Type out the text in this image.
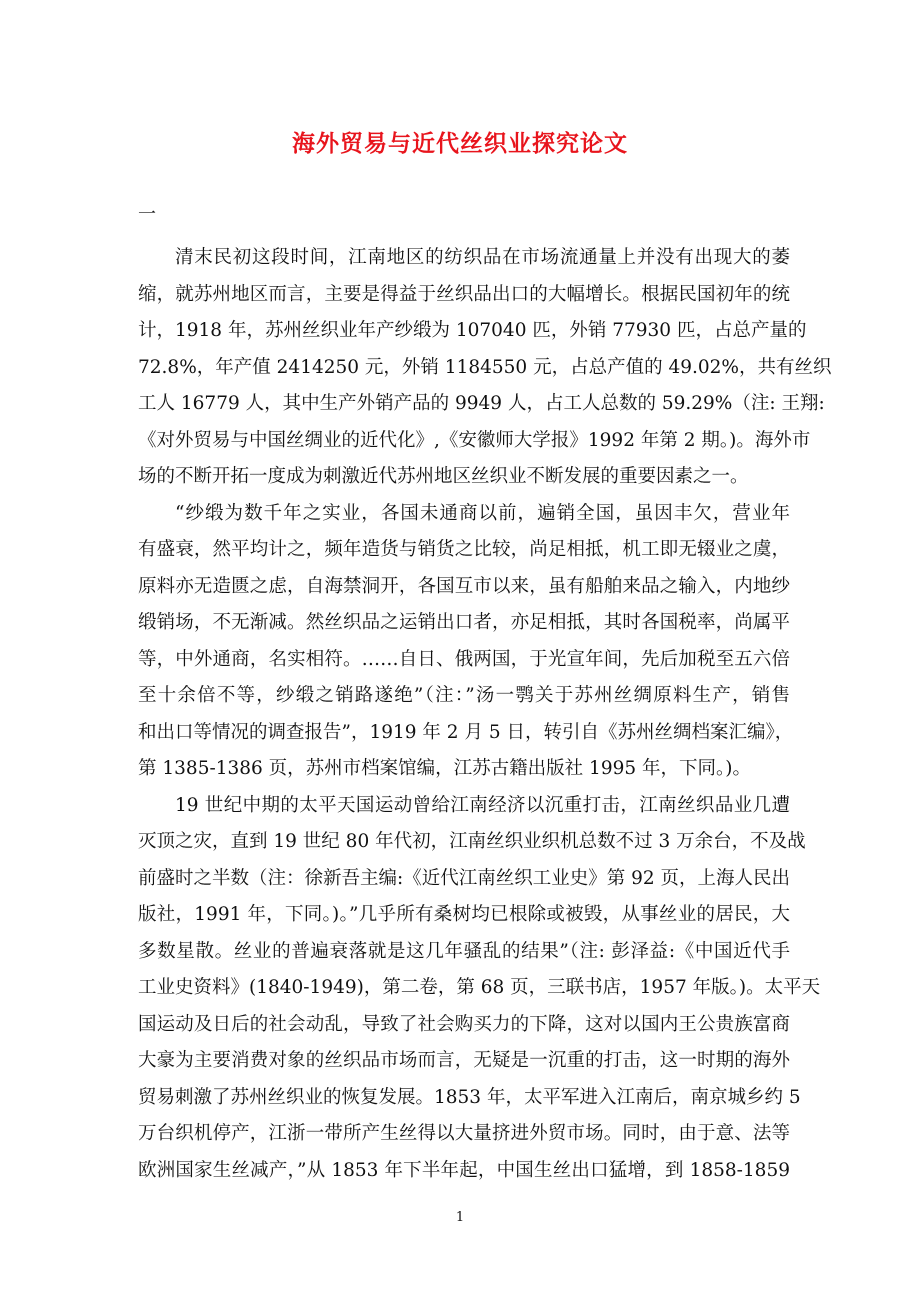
海外贸易与近代丝织业探究论文
一
清末民初这段时间，江南地区的纺织品在市场流通量上并没有出现大的萎
缩，就苏州地区而言，主要是得益于丝织品出口的大幅增长。根据民国初年的统
计，1918 年，苏州丝织业年产纱缎为 107040 匹，外销 77930 匹，占总产量的
72.8%，年产值 2414250 元，外销 1184550 元，占总产值的 49.02%，共有丝织
工人 16779 人，其中生产外销产品的 9949 人，占工人总数的 59.29%（注: 王翔:
《对外贸易与中国丝绸业的近代化》,《安徽师大学报》1992 年第 2 期。)。海外市
场的不断开拓一度成为刺激近代苏州地区丝织业不断发展的重要因素之一。
“纱缎为数千年之实业，各国未通商以前，遍销全国，虽因丰欠，营业年
有盛衰，然平均计之，频年造货与销货之比较，尚足相抵，机工即无辍业之虞，
原料亦无造匮之虑，自海禁洞开，各国互市以来，虽有船舶来品之输入，内地纱
缎销场，不无渐减。然丝织品之运销出口者，亦足相抵，其时各国税率，尚属平
等，中外通商，名实相符。……自日、俄两国，于光宣年间，先后加税至五六倍
至十余倍不等，纱缎之销路遂绝”（注：”汤一鹗关于苏州丝绸原料生产，销售
和出口等情况的调查报告”，1919 年 2 月 5 日，转引自《苏州丝绸档案汇编》，
第 1385-1386 页，苏州市档案馆编，江苏古籍出版社 1995 年，下同。)。
19 世纪中期的太平天国运动曾给江南经济以沉重打击，江南丝织品业几遭
灭顶之灾，直到 19 世纪 80 年代初，江南丝织业织机总数不过 3 万余台，不及战
前盛时之半数（注：徐新吾主编:《近代江南丝织工业史》第 92 页，上海人民出
版社，1991 年，下同。)。”几乎所有桑树均已根除或被毁，从事丝业的居民，大
多数星散。丝业的普遍衰落就是这几年骚乱的结果”（注: 彭泽益:《中国近代手
工业史资料》(1840-1949)，第二卷，第 68 页，三联书店，1957 年版。)。太平天
国运动及日后的社会动乱，导致了社会购买力的下降，这对以国内王公贵族富商
大豪为主要消费对象的丝织品市场而言，无疑是一沉重的打击，这一时期的海外
贸易刺激了苏州丝织业的恢复发展。1853 年，太平军进入江南后，南京城乡约 5
万台织机停产，江浙一带所产生丝得以大量挤进外贸市场。同时，由于意、法等
欧洲国家生丝减产，”从 1853 年下半年起，中国生丝出口猛增，到 1858-1859
1
